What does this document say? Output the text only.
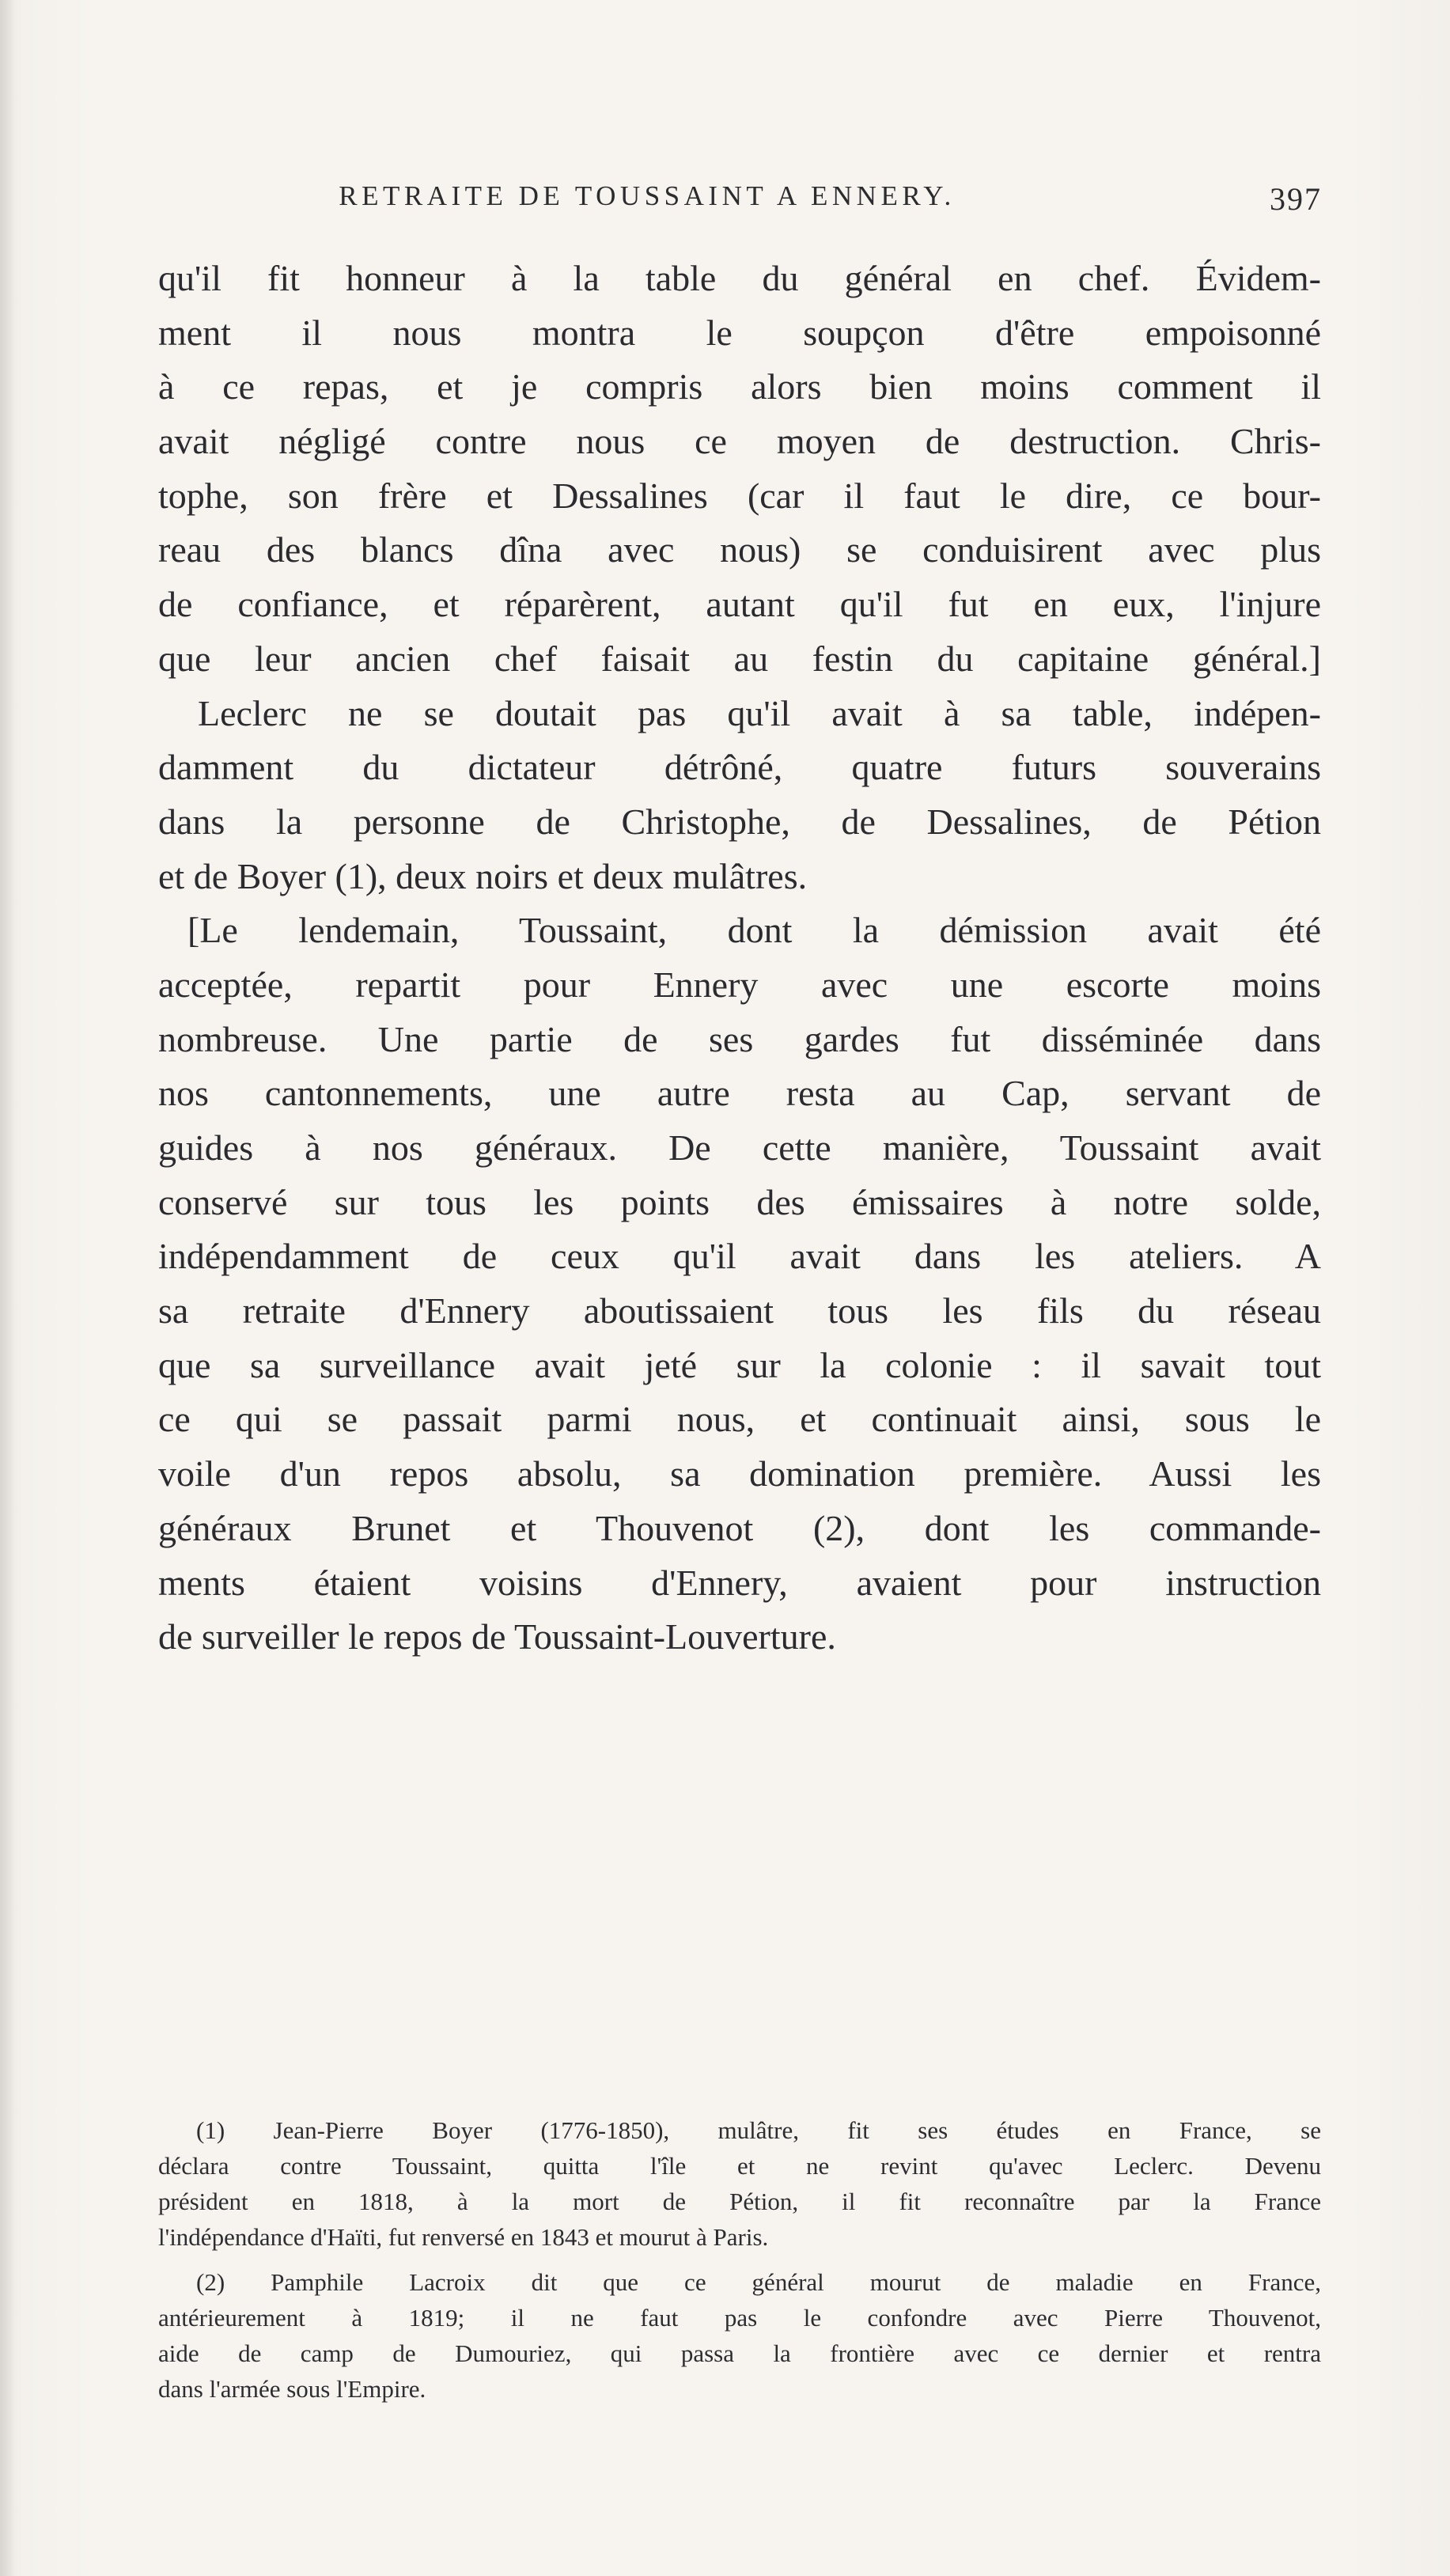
RETRAITE DE TOUSSAINT A ENNERY.	397
qu'il fit honneur à la table du général en chef. Évidem-
ment il nous montra le soupçon d'être empoisonné
à ce repas, et je compris alors bien moins comment il
avait négligé contre nous ce moyen de destruction. Chris-
tophe, son frère et Dessalines (car il faut le dire, ce bour-
reau des blancs dîna avec nous) se conduisirent avec plus
de confiance, et réparèrent, autant qu'il fut en eux, l'injure
que leur ancien chef faisait au festin du capitaine général.]
Leclerc ne se doutait pas qu'il avait à sa table, indépen-
damment du dictateur détrôné, quatre futurs souverains
dans la personne de Christophe, de Dessalines, de Pétion
et de Boyer (1), deux noirs et deux mulâtres.
[Le lendemain, Toussaint, dont la démission avait été
acceptée, repartit pour Ennery avec une escorte moins
nombreuse. Une partie de ses gardes fut disséminée dans
nos cantonnements, une autre resta au Cap, servant de
guides à nos généraux. De cette manière, Toussaint avait
conservé sur tous les points des émissaires à notre solde,
indépendamment de ceux qu'il avait dans les ateliers. A
sa retraite d'Ennery aboutissaient tous les fils du réseau
que sa surveillance avait jeté sur la colonie : il savait tout
ce qui se passait parmi nous, et continuait ainsi, sous le
voile d'un repos absolu, sa domination première. Aussi les
généraux Brunet et Thouvenot (2), dont les commande-
ments étaient voisins d'Ennery, avaient pour instruction
de surveiller le repos de Toussaint-Louverture.
(1) Jean-Pierre Boyer (1776-1850), mulâtre, fit ses études en France, se
déclara contre Toussaint, quitta l'île et ne revint qu'avec Leclerc. Devenu
président en 1818, à la mort de Pétion, il fit reconnaître par la France
l'indépendance d'Haïti, fut renversé en 1843 et mourut à Paris.
(2) Pamphile Lacroix dit que ce général mourut de maladie en France,
antérieurement à 1819; il ne faut pas le confondre avec Pierre Thouvenot,
aide de camp de Dumouriez, qui passa la frontière avec ce dernier et rentra
dans l'armée sous l'Empire.
